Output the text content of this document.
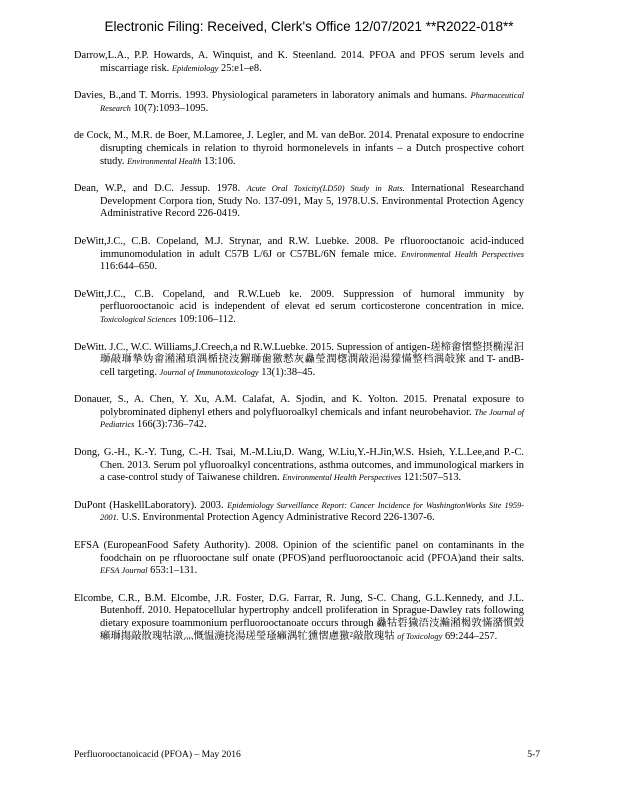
Electronic Filing: Received, Clerk's Office 12/07/2021 **R2022-018**

Darrow,L.A., P.P. Howards, A. Winquist, and K. Steenland. 2014. PFOA and PFOS serum levels and miscarriage risk. Epidemiology 25:e1–e8.

Davies, B.,and T. Morris. 1993. Physiological parameters in laboratory animals and humans. Pharmaceutical Research 10(7):1093–1095.

de Cock, M., M.R. de Boer, M.Lamoree, J. Legler, and M. van deBor. 2014. Prenatal exposure to endocrine disrupting chemicals in relation to thyroid hormonelevels in infants – a Dutch prospective cohort study. Environmental Health 13:106.

Dean, W.P., and D.C. Jessup. 1978. Acute Oral Toxicity(LD50) Study in Rats. International Researchand Development Corpora tion, Study No. 137-091, May 5, 1978.U.S. Environmental Protection Agency Administrative Record 226-0419.

DeWitt,J.C., C.B. Copeland, M.J. Strynar, and R.W. Luebke. 2008. Pe rfluorooctanoic acid-induced immunomodulation in adult C57B L/6J or C57BL/6N female mice. Environmental Health Perspectives 116:644–650.

DeWitt,J.C., C.B. Copeland, and R.W.Lueb ke. 2009. Suppression of humoral immunity by perfluorooctanoic acid is independent of elevat ed serum corticosterone concentration in mice. Toxicological Sciences 109:106–112.

DeWitt. J.C., W.C. Williams,J.Creech,a nd R.W.Luebke. 2015. Supression of antigen-瑳楴畬慴整摂椭湦汩瑡敲瑡摯妫畬潲潲瑣湡楯挠汥獬瑡歯獥慭灰灥瑩潤楤潣敲浥湯獴慲整档湡敧猍 and T- andB-cell targeting. Journal of Immunotoxicology 13(1):38–45.

Donauer, S., A. Chen, Y. Xu, A.M. Calafat, A. Sjodin, and K. Yolton. 2015. Prenatal exposure to polybrominated diphenyl ethers and polyfluoroalkyl chemicals and infant neurobehavior. The Journal of Pediatrics 166(3):736–742.

Dong, G.-H., K.-Y. Tung, C.-H. Tsai, M.-M.Liu,D. Wang, W.Liu,Y.-H.Jin,W.S. Hsieh, Y.L.Lee,and P.-C. Chen. 2013. Serum pol yfluoroalkyl concentrations, asthma outcomes, and immunological markers in a case-control study of Taiwanese children. Environmental Health Perspectives 121:507–513.

DuPont (HaskellLaboratory). 2003. Epidemiology Surveillance Report: Cancer Incidence for WashingtonWorks Site 1959-2001. U.S. Environmental Protection Agency Administrative Record 226-1307-6.

EFSA (EuropeanFood Safety Authority). 2008. Opinion of the scientific panel on contaminants in the foodchain on pe rfluorooctane sulf onate (PFOS)and perfluorooctanoic acid (PFOA)and their salts. EFSA Journal 653:1–131.

Elcombe, C.R., B.M. Elcombe, J.R. Foster, D.G. Farrar, R. Jung, S-C. Chang, G.L.Kennedy, and J.L. Butenhoff. 2010. Hepatocellular hypertrophy andcell proliferation in Sprague-Dawley rats following dietary exposure toammonium perfluorooctanoate occurs through 灥牯硩獩浯汥瀭潲楬敦慲潴慣瑴癩瑡摥敲散瑰牯潡灬慨愠湤挠湯瑳瑩瑵癩湡牤獯慴慮獥⁲敲散瑰牯 of Toxicology 69:244–257.

Perfluorooctanoicacid (PFOA) – May 2016	5-7
